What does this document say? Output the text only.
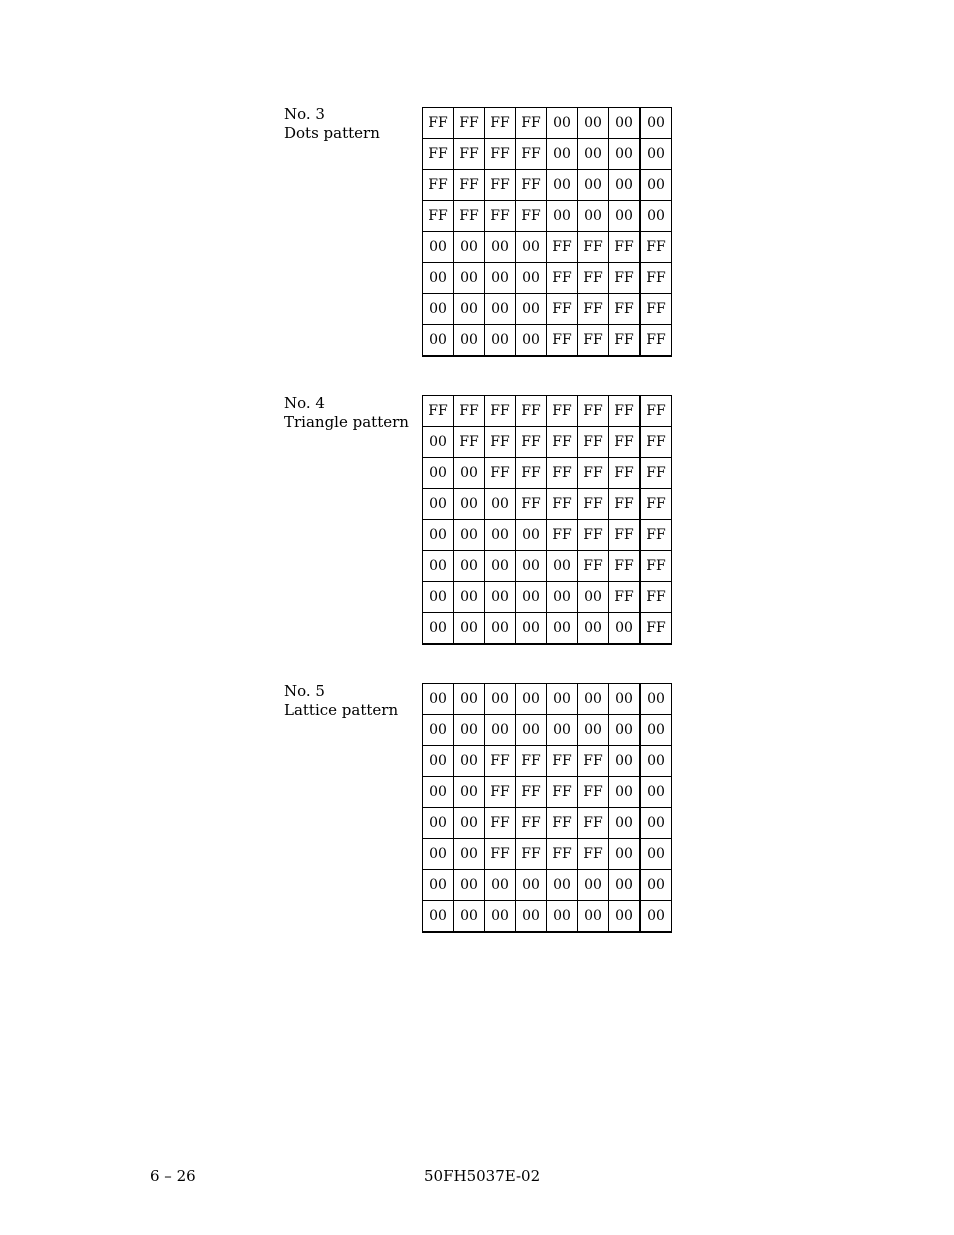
No. 3
Dots pattern
FF	FF	FF	FF	00	00	00	00
FF	FF	FF	FF	00	00	00	00
FF	FF	FF	FF	00	00	00	00
FF	FF	FF	FF	00	00	00	00
00	00	00	00	FF	FF	FF	FF
00	00	00	00	FF	FF	FF	FF
00	00	00	00	FF	FF	FF	FF
00	00	00	00	FF	FF	FF	FF
No. 4
Triangle pattern
FF	FF	FF	FF	FF	FF	FF	FF
00	FF	FF	FF	FF	FF	FF	FF
00	00	FF	FF	FF	FF	FF	FF
00	00	00	FF	FF	FF	FF	FF
00	00	00	00	FF	FF	FF	FF
00	00	00	00	00	FF	FF	FF
00	00	00	00	00	00	FF	FF
00	00	00	00	00	00	00	FF
No. 5
Lattice pattern
00	00	00	00	00	00	00	00
00	00	00	00	00	00	00	00
00	00	FF	FF	FF	FF	00	00
00	00	FF	FF	FF	FF	00	00
00	00	FF	FF	FF	FF	00	00
00	00	FF	FF	FF	FF	00	00
00	00	00	00	00	00	00	00
00	00	00	00	00	00	00	00
6 – 26	50FH5037E-02
